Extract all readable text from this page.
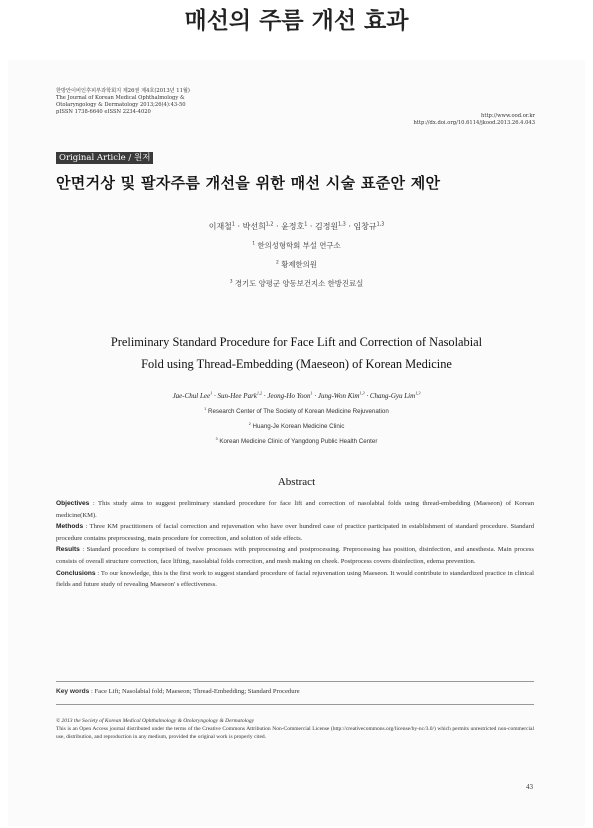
매선의 주름 개선 효과
한방안이비인후피부과학회지 제26권 제4호(2013년 11월)
The Journal of Korean Medical Ophthalmology &
Otolaryngology & Dermatology 2013;26(4):43-50
pISSN 1738-6640 eISSN 2234-4020
http://www.ood.or.kr
http://dx.doi.org/10.6114/jkood.2013.26.4.043
Original Article / 원저
안면거상 및 팔자주름 개선을 위한 매선 시술 표준안 제안
이재철$^1$ · 박선희$^{1,2}$ · 윤정호$^1$ · 김정원$^{1,3}$ · 임창규$^{1,3}$
$^1$ 한의성형학회 부설 연구소
$^2$ 황제한의원
$^3$ 경기도 양평군 양동보건지소 한방진료실
Preliminary Standard Procedure for Face Lift and Correction of Nasolabial
Fold using Thread-Embedding (Maeseon) of Korean Medicine
Jae-Chul Lee$^1$ · Sun-Hee Park$^{1,2}$ · Jeong-Ho Yoon$^1$ · Jung-Won Kim$^{1,3}$ · Chang-Gyu Lim$^{1,3}$
$^1$ Research Center of The Society of Korean Medicine Rejuvenation
$^2$ Huang-Je Korean Medicine Clinic
$^3$ Korean Medicine Clinic of Yangdong Public Health Center
Abstract

Objectives : This study aims to suggest preliminary standard procedure for face lift and correction of nasolabial folds using thread-embedding (Maeseon) of Korean medicine(KM).

Methods : Three KM practitioners of facial correction and rejuvenation who have over hundred case of practice participated in establishment of standard procedure. Standard procedure contains preprocessing, main procedure for correction, and solution of side effects.

Results : Standard procedure is comprised of twelve processes with preprocessing and postprocessing. Preprocessing has position, disinfection, and anesthesia. Main process consists of overall structure correction, face lifting, nasolabial folds correction, and mesh making on cheek. Postprocess covers disinfection, edema prevention.

Conclusions : To our knowledge, this is the first work to suggest standard procedure of facial rejuvenation using Maeseon. It would contribute to standardized practice in clinical fields and future study of revealing Maeseon' s effectiveness.

Key words : Face Lift; Nasolabial fold; Maeseon; Thread-Embedding; Standard Procedure
© 2013 the Society of Korean Medical Ophthalmology & Otolaryngology & Dermatology
This is an Open Access journal distributed under the terms of the Creative Commons Attribution Non-Commercial License (http://creativecommons.org/license/by-nc/3.0/) which permits unrestricted non-commercial use, distribution, and reproduction in any medium, provided the original work is properly cited.
43
